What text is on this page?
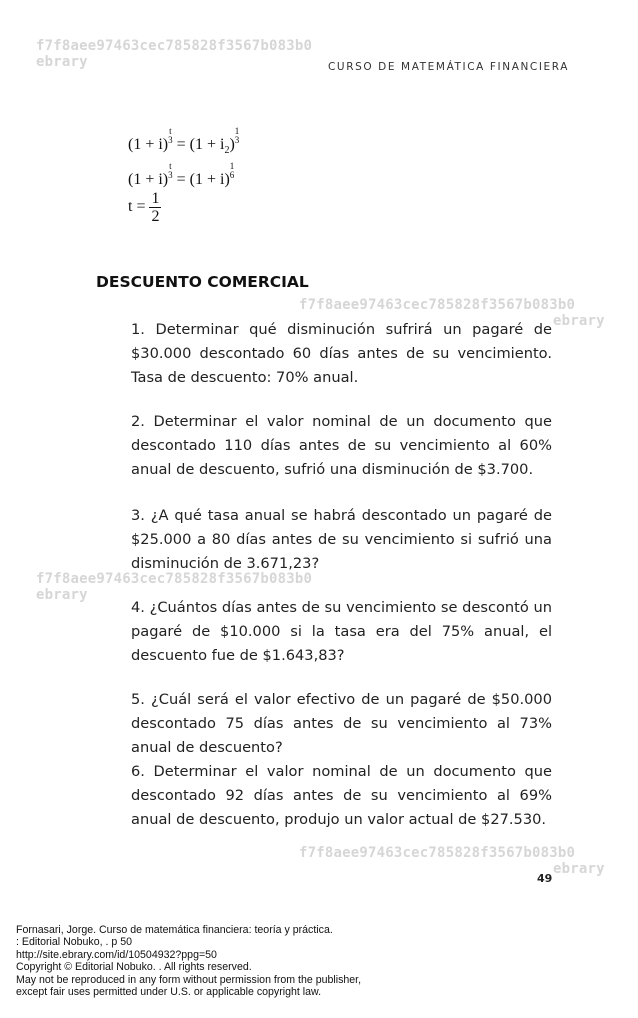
f7f8aee97463cec785828f3567b083b0
ebrary
f7f8aee97463cec785828f3567b083b0
ebrary
f7f8aee97463cec785828f3567b083b0
ebrary
f7f8aee97463cec785828f3567b083b0
ebrary
CURSO DE MATEMÁTICA FINANCIERA
(1 + i)
t
$3 = (1 + i_2)$
1
3
(1 + i)
t
3 = (1 + i)
1
6
$t = \frac{1}{2}$
DESCUENTO COMERCIAL
1. Determinar qué disminución sufrirá un pagaré de $30.000 descontado 60 días antes de su vencimiento. Tasa de descuento: 70% anual.
2. Determinar el valor nominal de un documento que descontado 110 días antes de su vencimiento al 60% anual de descuento, sufrió una disminución de $3.700.
3. ¿A qué tasa anual se habrá descontado un pagaré de $25.000 a 80 días antes de su vencimiento si sufrió una disminución de 3.671,23?
4. ¿Cuántos días antes de su vencimiento se descontó un pagaré de $10.000 si la tasa era del 75% anual, el descuento fue de $1.643,83?
5. ¿Cuál será el valor efectivo de un pagaré de $50.000 descontado 75 días antes de su vencimiento al 73% anual de descuento?
6. Determinar el valor nominal de un documento que descontado 92 días antes de su vencimiento al 69% anual de descuento, produjo un valor actual de $27.530.
49
Fornasari, Jorge. Curso de matemática financiera: teoría y práctica.
: Editorial Nobuko, . p 50
http://site.ebrary.com/id/10504932?ppg=50
Copyright © Editorial Nobuko. . All rights reserved.
May not be reproduced in any form without permission from the publisher,
except fair uses permitted under U.S. or applicable copyright law.
